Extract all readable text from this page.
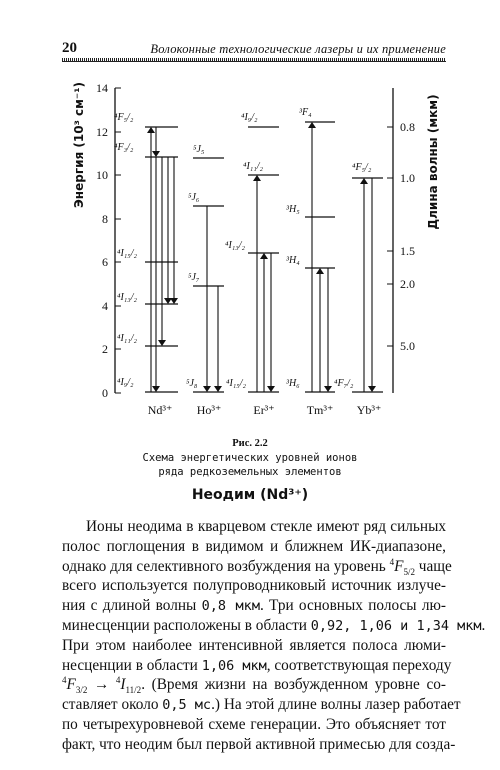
20	Волоконные технологические лазеры и их применение
0
2
4
6
8
10
12
14
Энергия (10³ см⁻¹)	0.8
1.0
1.5
2.0
5.0
Длина волны (мкм)
⁴F₅/₂
⁴F₃/₂
⁴I₁₅/₂
⁴I₁₃/₂
⁴I₁₁/₂
⁴I₉/₂
⁵J₅
⁵J₆
⁵J₇
⁵J₈
⁴I₉/₂
⁴I₁₁/₂
⁴I₁₃/₂
⁴I₁₅/₂
³F₄
³H₅
³H₄
³H₆
⁴F₅/₂
⁴F₇/₂
Nd³⁺ Ho³⁺	Er³⁺	Tm³⁺ Yb³⁺
Рис. 2.2
Схема энергетических уровней ионов
ряда редкоземельных элементов
Неодим (Nd³⁺)
Ионы неодима в кварцевом стекле имеют ряд сильных
полос поглощения в видимом и ближнем ИК-диапазоне,
однако для селективного возбуждения на уровень $^4F_{5/2}$ чаще
всего используется полупроводниковый источник излуче-
ния с длиной волны 0,8 мкм. Три основных полосы лю-
минесценции расположены в области 0,92, 1,06 и 1,34 мкм.
При этом наиболее интенсивной является полоса люми-
несценции в области 1,06 мкм, соответствующая переходу
$^4F_{3/2} \to ^4I_{11/2}$. (Время жизни на возбужденном уровне со-
ставляет около 0,5 мс.) На этой длине волны лазер работает
по четырехуровневой схеме генерации. Это объясняет тот
факт, что неодим был первой активной примесью для созда-
